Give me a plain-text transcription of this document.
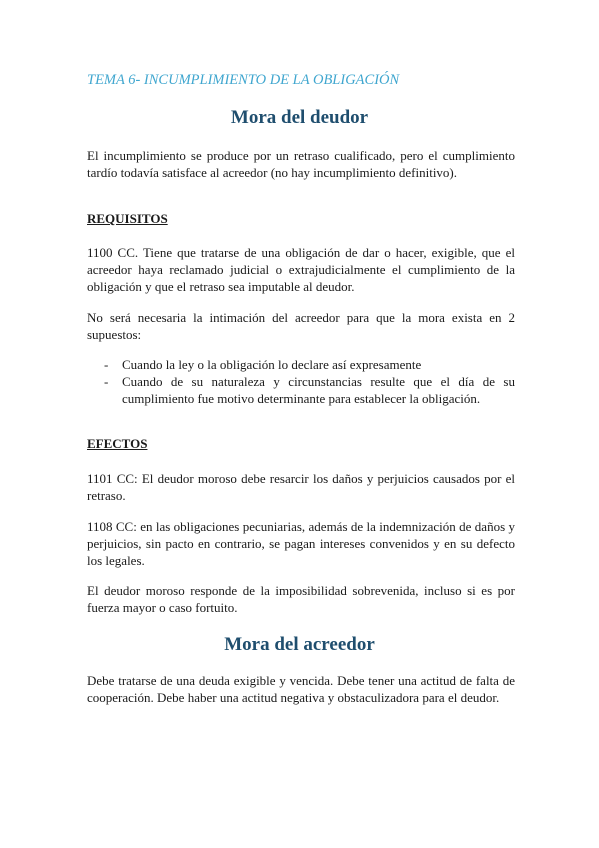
TEMA 6- INCUMPLIMIENTO DE LA OBLIGACIÓN
Mora del deudor
El incumplimiento se produce por un retraso cualificado, pero el cumplimiento tardío todavía satisface al acreedor (no hay incumplimiento definitivo).
REQUISITOS
1100 CC. Tiene que tratarse de una obligación de dar o hacer, exigible, que el acreedor haya reclamado judicial o extrajudicialmente el cumplimiento de la obligación y que el retraso sea imputable al deudor.
No será necesaria la intimación del acreedor para que la mora exista en 2 supuestos:
- Cuando la ley o la obligación lo declare así expresamente
- Cuando de su naturaleza y circunstancias resulte que el día de su cumplimiento fue motivo determinante para establecer la obligación.
EFECTOS
1101 CC: El deudor moroso debe resarcir los daños y perjuicios causados por el retraso.
1108 CC: en las obligaciones pecuniarias, además de la indemnización de daños y perjuicios, sin pacto en contrario, se pagan intereses convenidos y en su defecto los legales.
El deudor moroso responde de la imposibilidad sobrevenida, incluso si es por fuerza mayor o caso fortuito.
Mora del acreedor
Debe tratarse de una deuda exigible y vencida. Debe tener una actitud de falta de cooperación. Debe haber una actitud negativa y obstaculizadora para el deudor.
